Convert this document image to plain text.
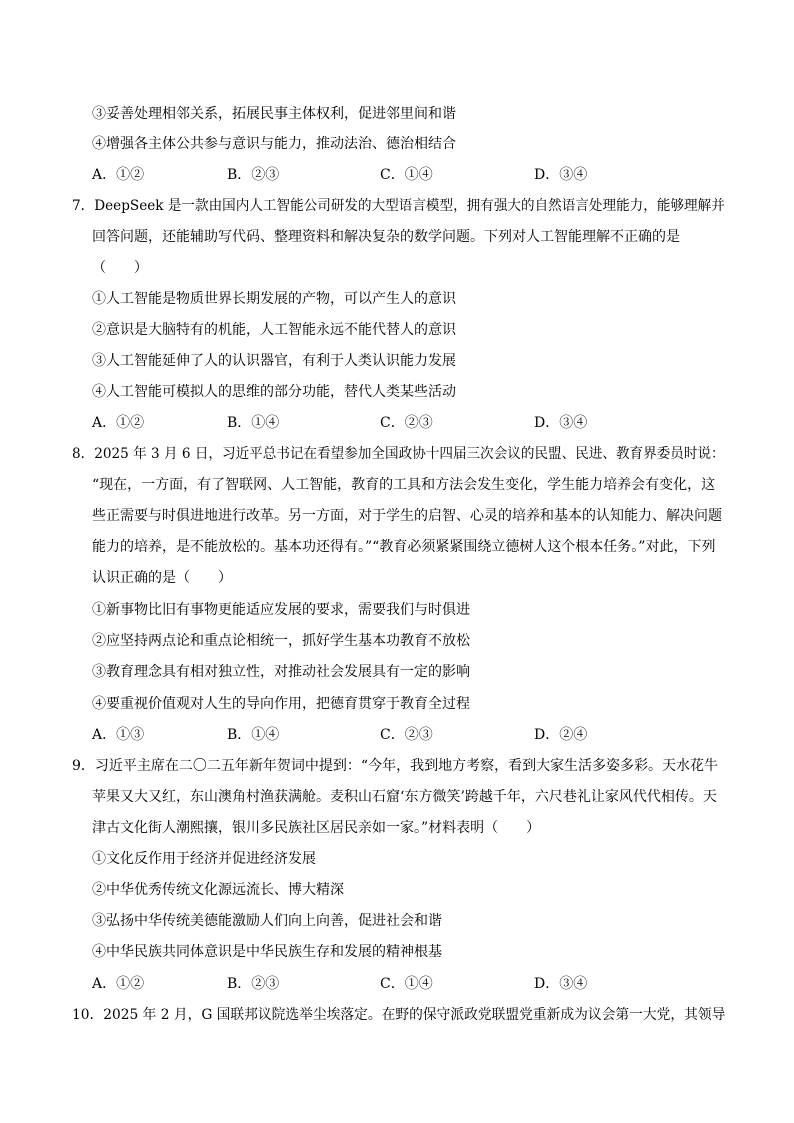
③妥善处理相邻关系，拓展民事主体权利，促进邻里间和谐
④增强各主体公共参与意识与能力，推动法治、德治相结合
A．①②	B．②③	C．①④	D．③④
7．DeepSeek 是一款由国内人工智能公司研发的大型语言模型，拥有强大的自然语言处理能力，能够理解并
回答问题，还能辅助写代码、整理资料和解决复杂的数学问题。下列对人工智能理解不正确的是
（　　）
①人工智能是物质世界长期发展的产物，可以产生人的意识
②意识是大脑特有的机能，人工智能永远不能代替人的意识
③人工智能延伸了人的认识器官，有利于人类认识能力发展
④人工智能可模拟人的思维的部分功能，替代人类某些活动
A．①②	B．①④	C．②③	D．③④
8．2025 年 3 月 6 日，习近平总书记在看望参加全国政协十四届三次会议的民盟、民进、教育界委员时说：
“现在，一方面，有了智联网、人工智能，教育的工具和方法会发生变化，学生能力培养会有变化，这
些正需要与时俱进地进行改革。另一方面，对于学生的启智、心灵的培养和基本的认知能力、解决问题
能力的培养，是不能放松的。基本功还得有。”“教育必须紧紧围绕立德树人这个根本任务。”对此，下列
认识正确的是（　　）
①新事物比旧有事物更能适应发展的要求，需要我们与时俱进
②应坚持两点论和重点论相统一，抓好学生基本功教育不放松
③教育理念具有相对独立性，对推动社会发展具有一定的影响
④要重视价值观对人生的导向作用，把德育贯穿于教育全过程
A．①③	B．①④	C．②③	D．②④
9．习近平主席在二〇二五年新年贺词中提到：“今年，我到地方考察，看到大家生活多姿多彩。天水花牛
苹果又大又红，东山澳角村渔获满舱。麦积山石窟‘东方微笑’跨越千年，六尺巷礼让家风代代相传。天
津古文化街人潮熙攘，银川多民族社区居民亲如一家。”材料表明（　　）
①文化反作用于经济并促进经济发展
②中华优秀传统文化源远流长、博大精深
③弘扬中华传统美德能激励人们向上向善，促进社会和谐
④中华民族共同体意识是中华民族生存和发展的精神根基
A．①②	B．②③	C．①④	D．③④
10．2025 年 2 月，G 国联邦议院选举尘埃落定。在野的保守派政党联盟党重新成为议会第一大党，其领导
